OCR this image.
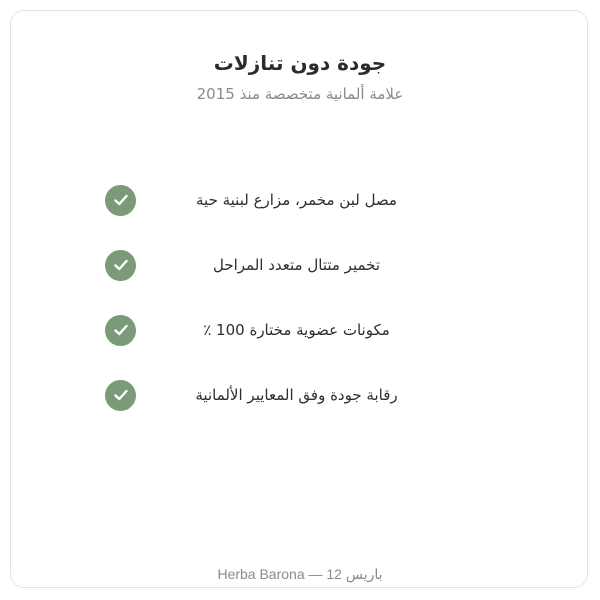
جودة دون تنازلات
علامة ألمانية متخصصة منذ 2015
مصل لبن مخمر، مزارع لبنية حية
تخمير متتال متعدد المراحل
مكونات عضوية مختارة 100 ٪
رقابة جودة وفق المعايير الألمانية
Herba Barona — 12 باريس
